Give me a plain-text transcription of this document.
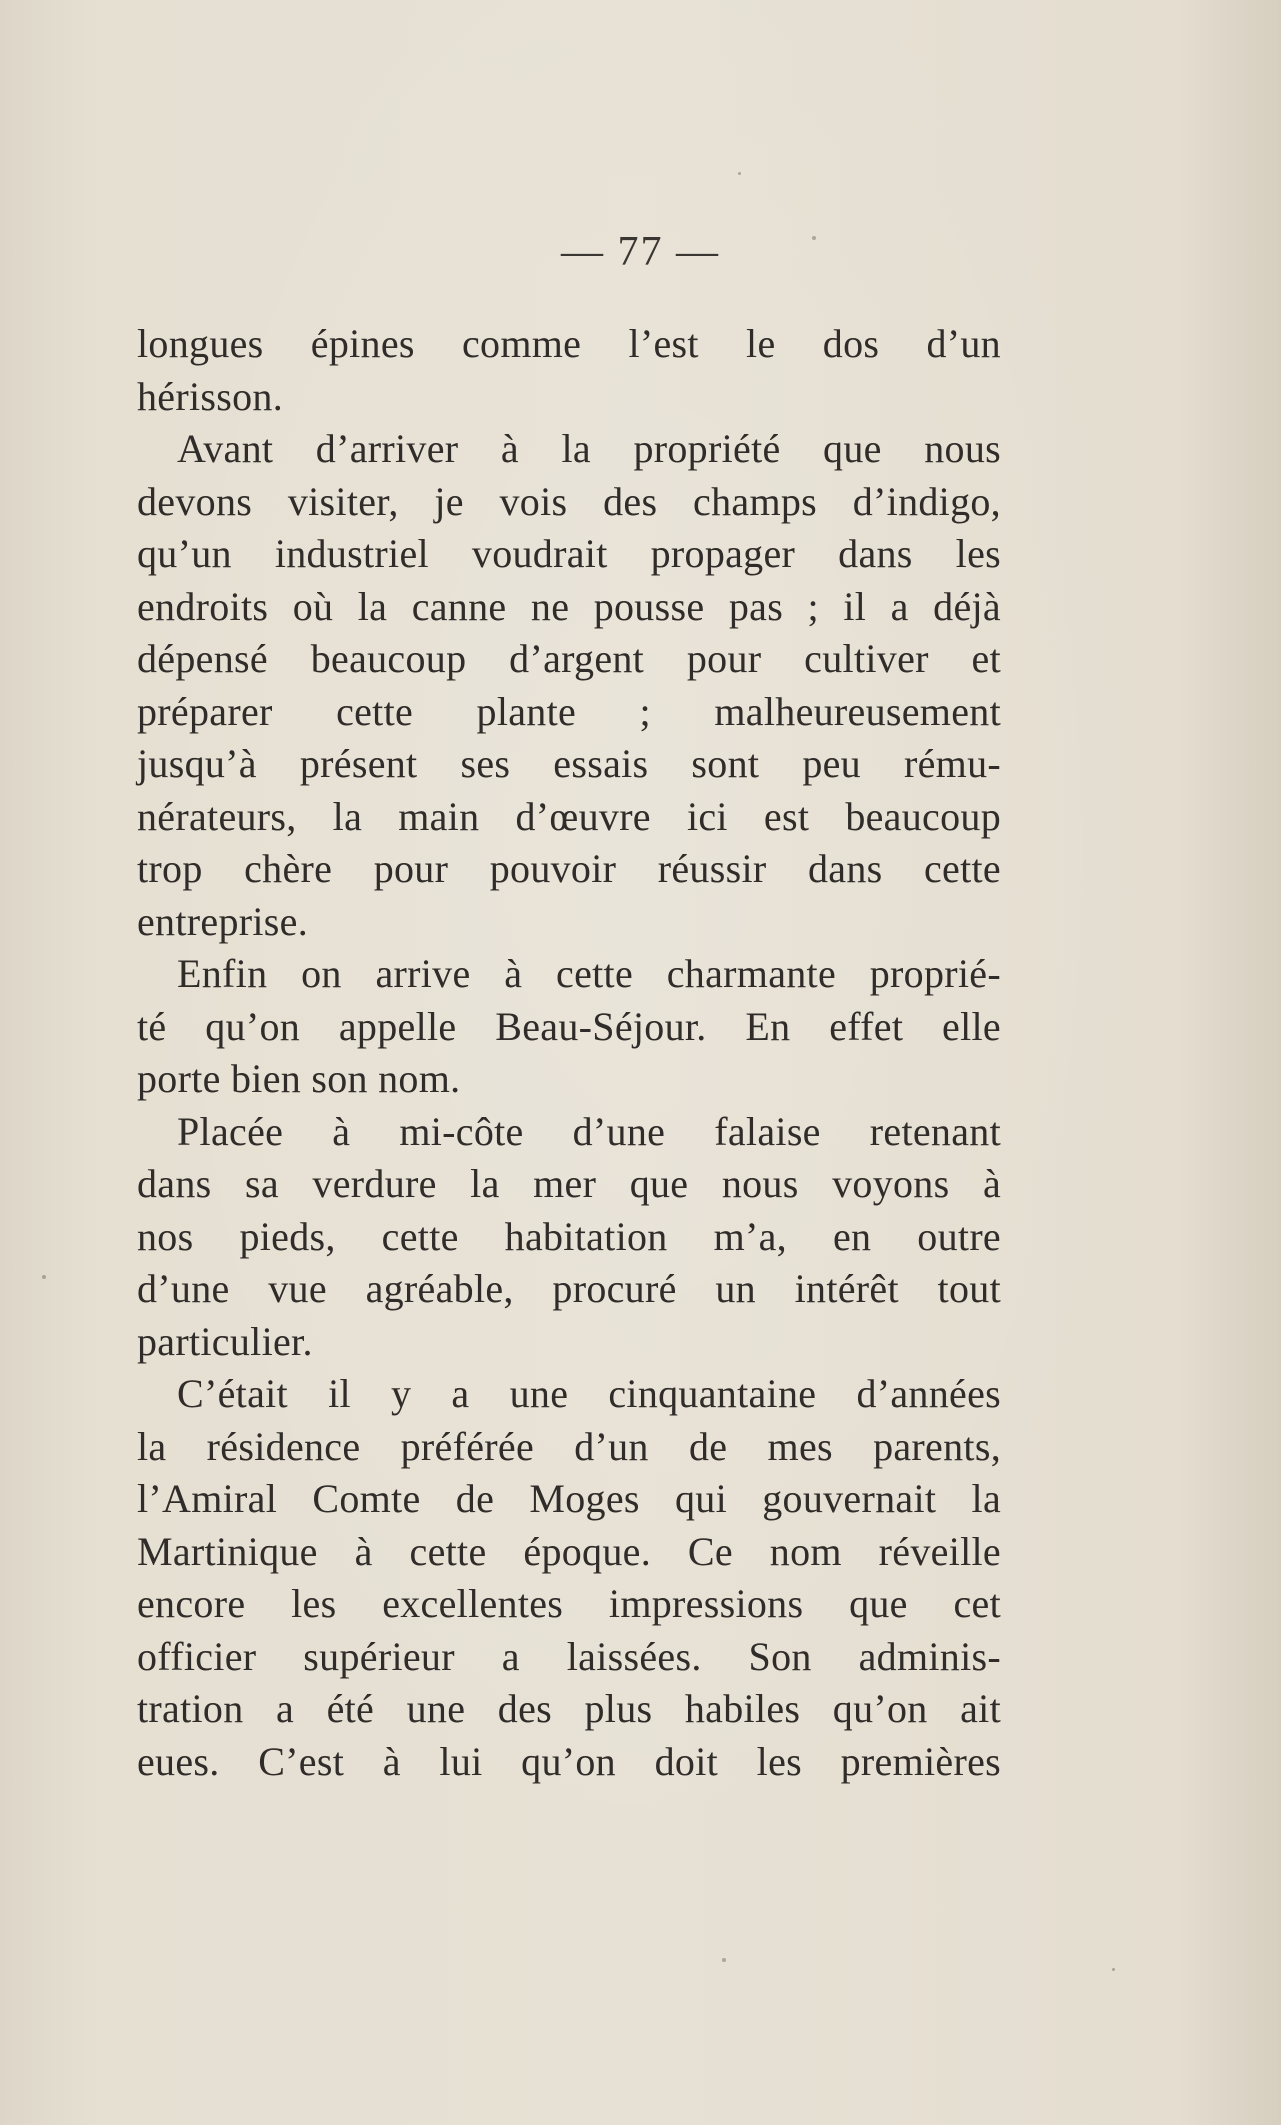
— 77 —
longues épines comme l’est le dos d’un
hérisson.
Avant d’arriver à la propriété que nous
devons visiter, je vois des champs d’indigo,
qu’un industriel voudrait propager dans les
endroits où la canne ne pousse pas ; il a déjà
dépensé beaucoup d’argent pour cultiver et
préparer cette plante ; malheureusement
jusqu’à présent ses essais sont peu rému-
nérateurs, la main d’œuvre ici est beaucoup
trop chère pour pouvoir réussir dans cette
entreprise.
Enfin on arrive à cette charmante proprié-
té qu’on appelle Beau-Séjour. En effet elle
porte bien son nom.
Placée à mi-côte d’une falaise retenant
dans sa verdure la mer que nous voyons à
nos pieds, cette habitation m’a, en outre
d’une vue agréable, procuré un intérêt tout
particulier.
C’était il y a une cinquantaine d’années
la résidence préférée d’un de mes parents,
l’Amiral Comte de Moges qui gouvernait la
Martinique à cette époque. Ce nom réveille
encore les excellentes impressions que cet
officier supérieur a laissées. Son adminis-
tration a été une des plus habiles qu’on ait
eues. C’est à lui qu’on doit les premières
